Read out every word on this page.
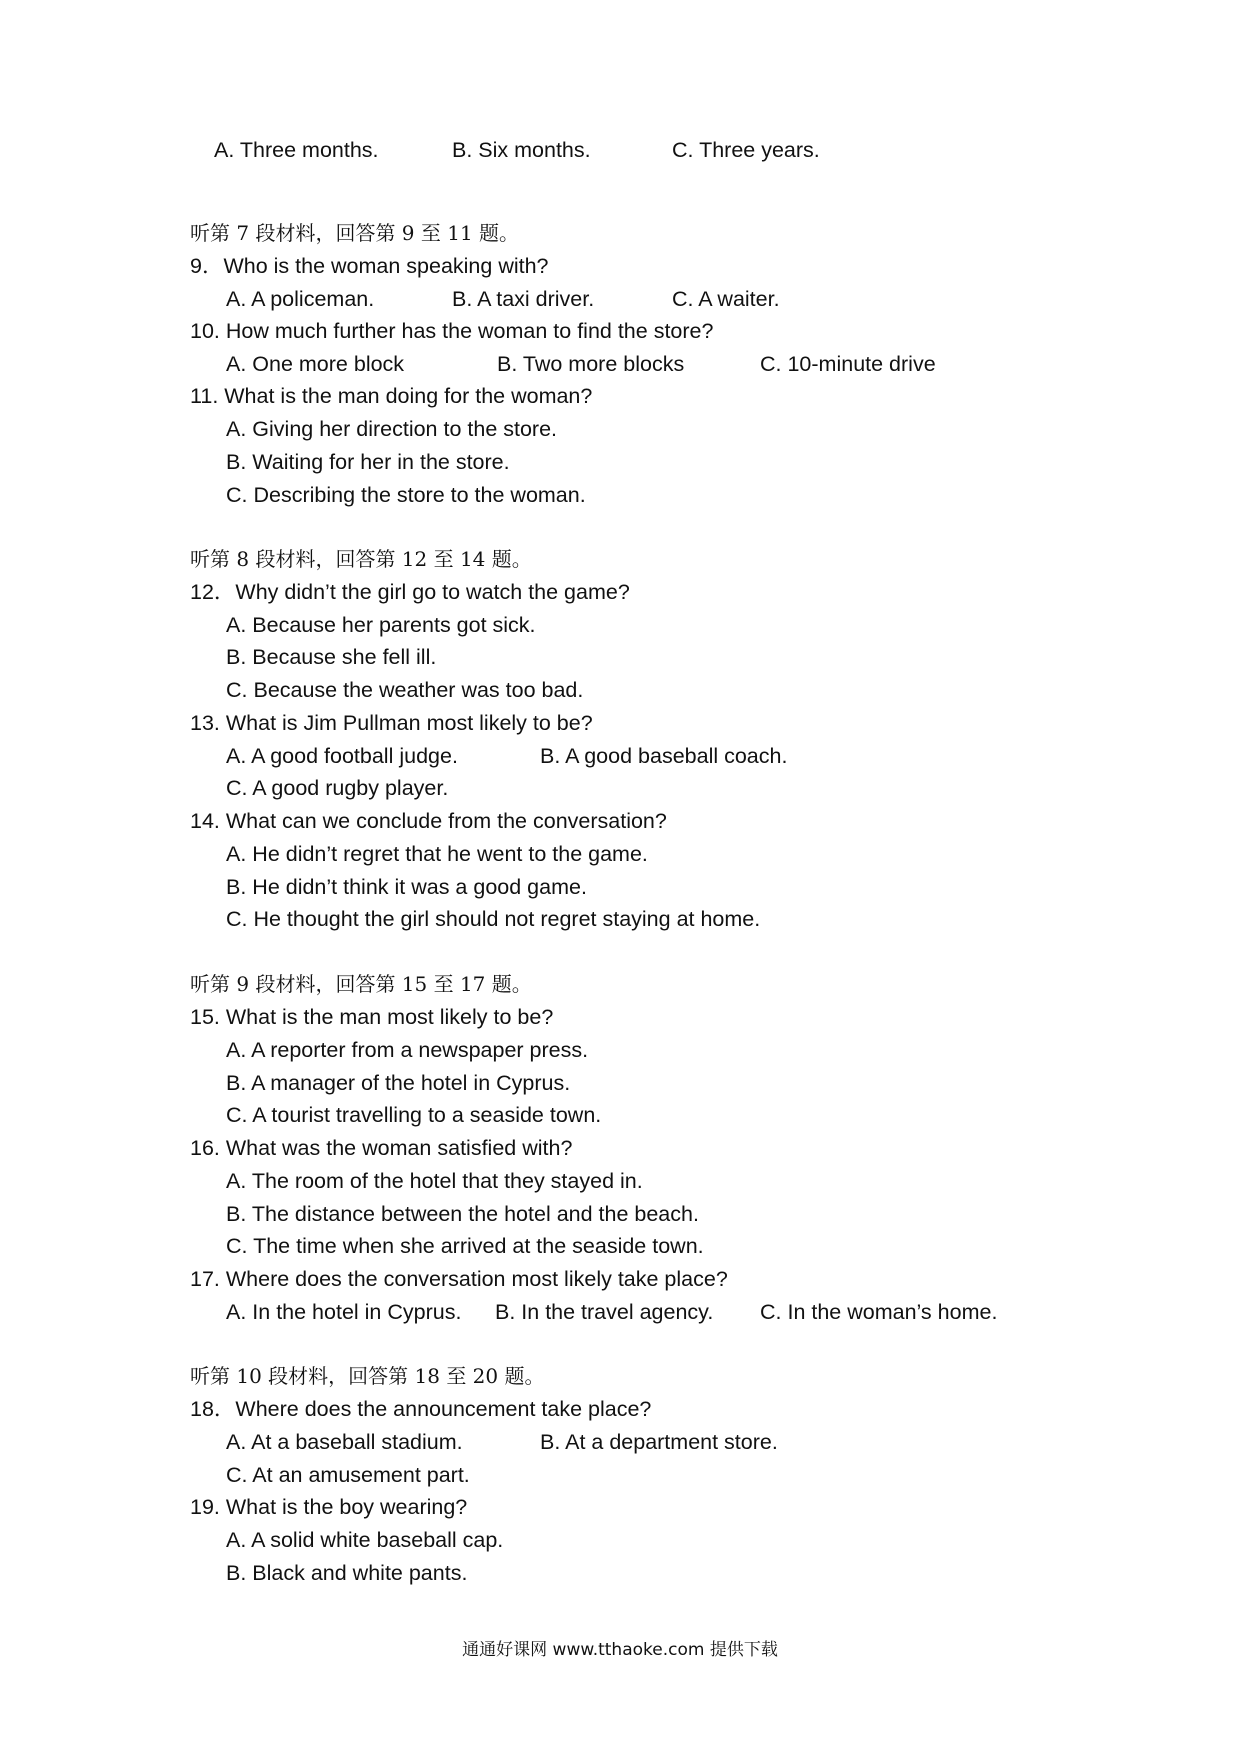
A. Three months.	B. Six months.	C. Three years.
听第 7 段材料，回答第 9 至 11 题。
9．Who is the woman speaking with?
A. A policeman.	B. A taxi driver.	C. A waiter.
10. How much further has the woman to find the store?
A. One more block	B. Two more blocks	C. 10-minute drive
11. What is the man doing for the woman?
A. Giving her direction to the store.
B. Waiting for her in the store.
C. Describing the store to the woman.
听第 8 段材料，回答第 12 至 14 题。
12．Why didn’t the girl go to watch the game?
A. Because her parents got sick.
B. Because she fell ill.
C. Because the weather was too bad.
13. What is Jim Pullman most likely to be?
A. A good football judge.	B. A good baseball coach.
C. A good rugby player.
14. What can we conclude from the conversation?
A. He didn’t regret that he went to the game.
B. He didn’t think it was a good game.
C. He thought the girl should not regret staying at home.
听第 9 段材料，回答第 15 至 17 题。
15. What is the man most likely to be?
A. A reporter from a newspaper press.
B. A manager of the hotel in Cyprus.
C. A tourist travelling to a seaside town.
16. What was the woman satisfied with?
A. The room of the hotel that they stayed in.
B. The distance between the hotel and the beach.
C. The time when she arrived at the seaside town.
17. Where does the conversation most likely take place?
A. In the hotel in Cyprus. B. In the travel agency. C. In the woman’s home.
听第 10 段材料，回答第 18 至 20 题。
18．Where does the announcement take place?
A. At a baseball stadium.	B. At a department store.
C. At an amusement part.
19. What is the boy wearing?
A. A solid white baseball cap.
B. Black and white pants.
通通好课网 www.tthaoke.com 提供下载
